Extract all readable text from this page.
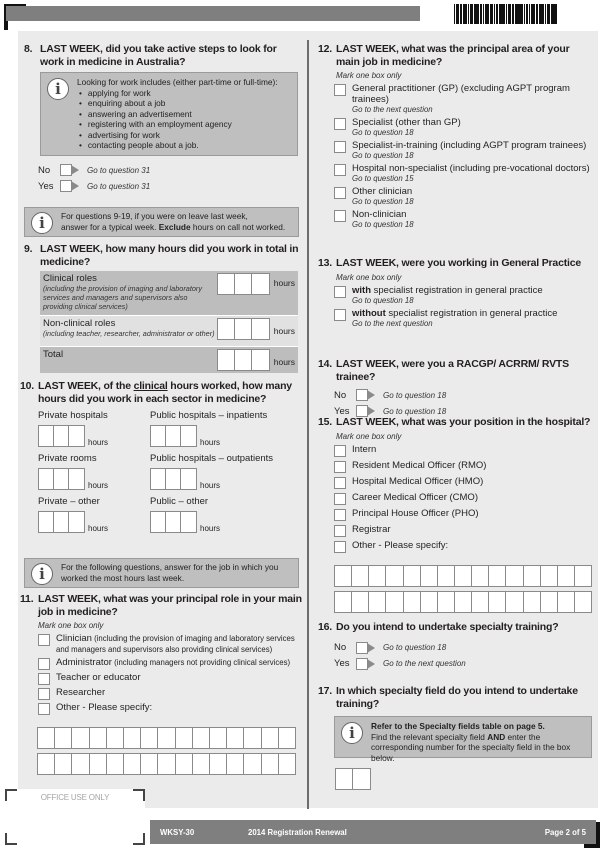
8. LAST WEEK, did you take active steps to look for work in medicine in Australia?
i	Looking for work includes (either part-time or full-time):
• applying for work
• enquiring about a job
• answering an advertisement
• registering with an employment agency
• advertising for work
• contacting people about a job.
No	Go to question 31
Yes	Go to question 31
i	For questions 9-19, if you were on leave last week,
answer for a typical week. Exclude hours on call not worked.
9. LAST WEEK, how many hours did you work in total in medicine?
Clinical roles
(including the provision of imaging and laboratory services and managers and supervisors also providing clinical services)
hours
Non-clinical roles
(including teacher, researcher, administrator or other)	hours
Total
hours
10. LAST WEEK, of the clinical hours worked, how many hours did you work in each sector in medicine?
Private hospitals
hours
Public hospitals – inpatients
hours
Private rooms
hours
Public hospitals – outpatients
hours
Private – other
hours
Public – other
hours
i	For the following questions, answer for the job in which you worked the most hours last week.
11. LAST WEEK, what was your principal role in your main job in medicine?
Mark one box only
Clinician (including the provision of imaging and laboratory services and managers and supervisors also providing clinical services)
Administrator (including managers not providing clinical services)
Teacher or educator
Researcher
Other - Please specify:
12. LAST WEEK, what was the principal area of your main job in medicine?
Mark one box only
General practitioner (GP) (excluding AGPT program trainees)
Go to the next question
Specialist (other than GP)
Go to question 18
Specialist-in-training (including AGPT program trainees)
Go to question 18
Hospital non-specialist (including pre-vocational doctors)
Go to question 15
Other clinician
Go to question 18
Non-clinician
Go to question 18
13. LAST WEEK, were you working in General Practice
Mark one box only
with specialist registration in general practice
Go to question 18
without specialist registration in general practice
Go to the next question
14. LAST WEEK, were you a RACGP/ ACRRM/ RVTS trainee?
No	Go to question 18
Yes	Go to question 18
15. LAST WEEK, what was your position in the hospital?
Mark one box only
Intern
Resident Medical Officer (RMO)
Hospital Medical Officer (HMO)
Career Medical Officer (CMO)
Principal House Officer (PHO)
Registrar
Other - Please specify:
16. Do you intend to undertake specialty training?
No	Go to question 18
Yes	Go to the next question
17. In which specialty field do you intend to undertake training?
i	Refer to the Specialty fields table on page 5.
Find the relevant specialty field AND enter the corresponding number for the specialty field in the box below.
OFFICE USE ONLY
WKSY-30	2014 Registration Renewal	Page 2 of 5
